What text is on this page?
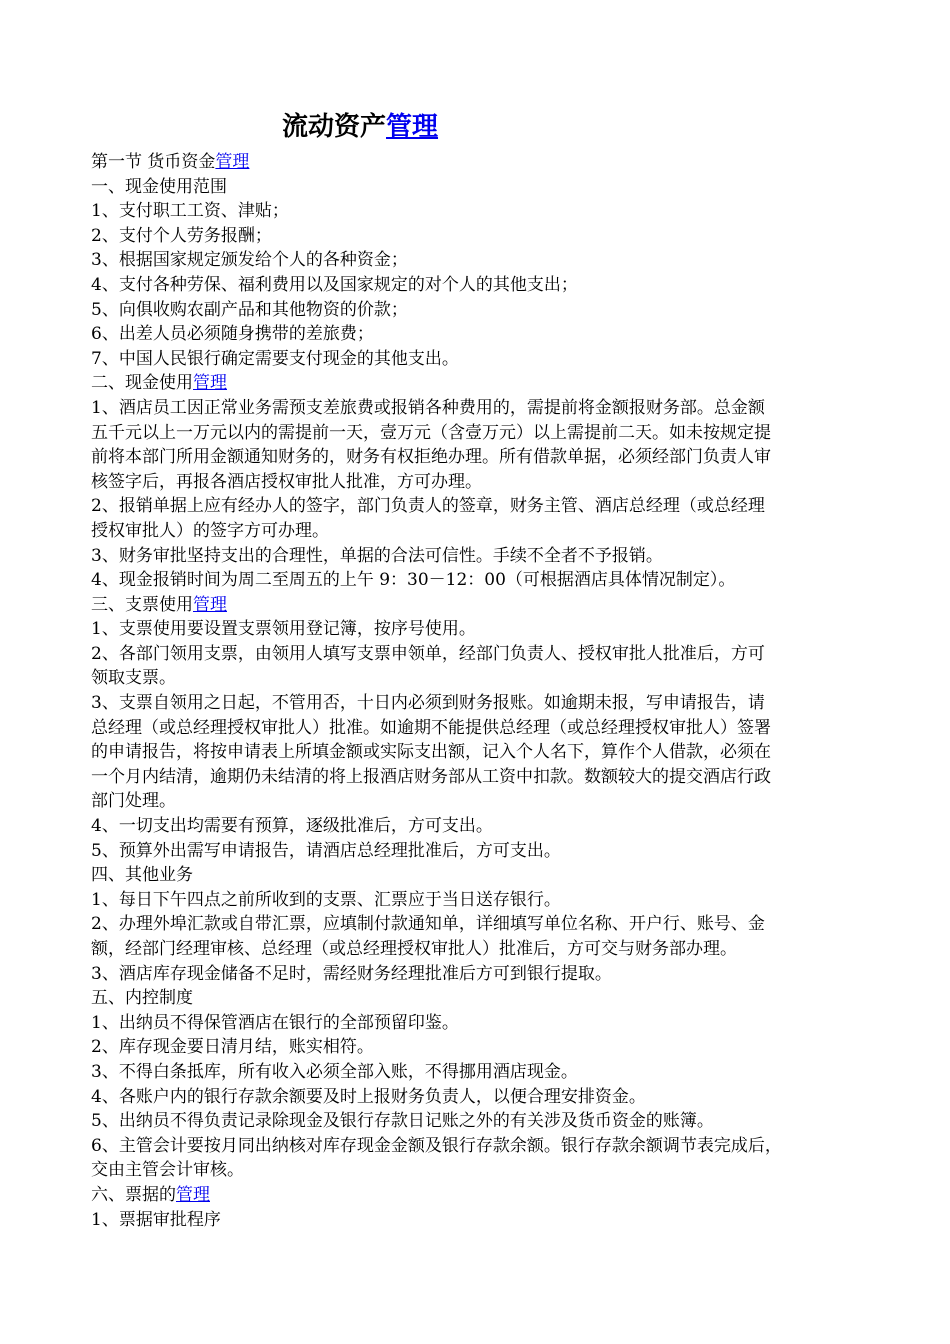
流动资产管理

第一节 货币资金管理

一、现金使用范围

1、支付职工工资、津贴；

2、支付个人劳务报酬；

3、根据国家规定颁发给个人的各种资金；

4、支付各种劳保、福利费用以及国家规定的对个人的其他支出；

5、向俱收购农副产品和其他物资的价款；

6、出差人员必须随身携带的差旅费；

7、中国人民银行确定需要支付现金的其他支出。

二、现金使用管理

1、酒店员工因正常业务需预支差旅费或报销各种费用的，需提前将金额报财务部。总金额

五千元以上一万元以内的需提前一天，壹万元（含壹万元）以上需提前二天。如未按规定提

前将本部门所用金额通知财务的，财务有权拒绝办理。所有借款单据，必须经部门负责人审

核签字后，再报各酒店授权审批人批准，方可办理。

2、报销单据上应有经办人的签字，部门负责人的签章，财务主管、酒店总经理（或总经理

授权审批人）的签字方可办理。

3、财务审批坚持支出的合理性，单据的合法可信性。手续不全者不予报销。

4、现金报销时间为周二至周五的上午 9：30－12：00（可根据酒店具体情况制定）。

三、支票使用管理

1、支票使用要设置支票领用登记簿，按序号使用。

2、各部门领用支票，由领用人填写支票申领单，经部门负责人、授权审批人批准后，方可

领取支票。

3、支票自领用之日起，不管用否，十日内必须到财务报账。如逾期未报，写申请报告，请

总经理（或总经理授权审批人）批准。如逾期不能提供总经理（或总经理授权审批人）签署

的申请报告，将按申请表上所填金额或实际支出额，记入个人名下，算作个人借款，必须在

一个月内结清，逾期仍未结清的将上报酒店财务部从工资中扣款。数额较大的提交酒店行政

部门处理。

4、一切支出均需要有预算，逐级批准后，方可支出。

5、预算外出需写申请报告，请酒店总经理批准后，方可支出。

四、其他业务

1、每日下午四点之前所收到的支票、汇票应于当日送存银行。

2、办理外埠汇款或自带汇票，应填制付款通知单，详细填写单位名称、开户行、账号、金

额，经部门经理审核、总经理（或总经理授权审批人）批准后，方可交与财务部办理。

3、酒店库存现金储备不足时，需经财务经理批准后方可到银行提取。

五、内控制度

1、出纳员不得保管酒店在银行的全部预留印鉴。

2、库存现金要日清月结，账实相符。

3、不得白条抵库，所有收入必须全部入账，不得挪用酒店现金。

4、各账户内的银行存款余额要及时上报财务负责人，以便合理安排资金。

5、出纳员不得负责记录除现金及银行存款日记账之外的有关涉及货币资金的账簿。

6、主管会计要按月同出纳核对库存现金金额及银行存款余额。银行存款余额调节表完成后，

交由主管会计审核。

六、票据的管理

1、票据审批程序
